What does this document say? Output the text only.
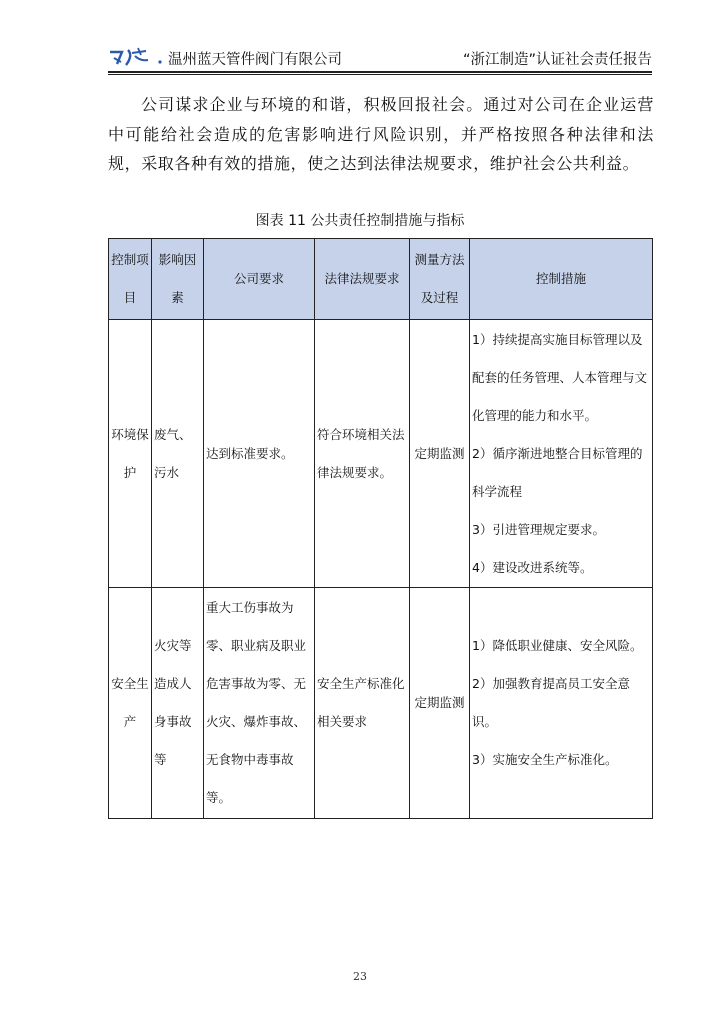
温州蓝天管件阀门有限公司	“浙江制造”认证社会责任报告
公司谋求企业与环境的和谐，积极回报社会。通过对公司在企业运营中可能给社会造成的危害影响进行风险识别，并严格按照各种法律和法规，采取各种有效的措施，使之达到法律法规要求，维护社会公共利益。
图表 11 公共责任控制措施与指标
控制项目	影响因素	公司要求	法律法规要求	测量方法及过程	控制措施
环境保护	废气、污水	达到标准要求。	符合环境相关法律法规要求。	定期监测	1）持续提高实施目标管理以及配套的任务管理、人本管理与文化管理的能力和水平。
2）循序渐进地整合目标管理的科学流程
3）引进管理规定要求。
4）建设改进系统等。

安全生产	火灾等造成人身事故等	重大工伤事故为零、职业病及职业危害事故为零、无火灾、爆炸事故、无食物中毒事故等。	安全生产标准化相关要求	定期监测	1）降低职业健康、安全风险。
2）加强教育提高员工安全意识。
3）实施安全生产标准化。
23
